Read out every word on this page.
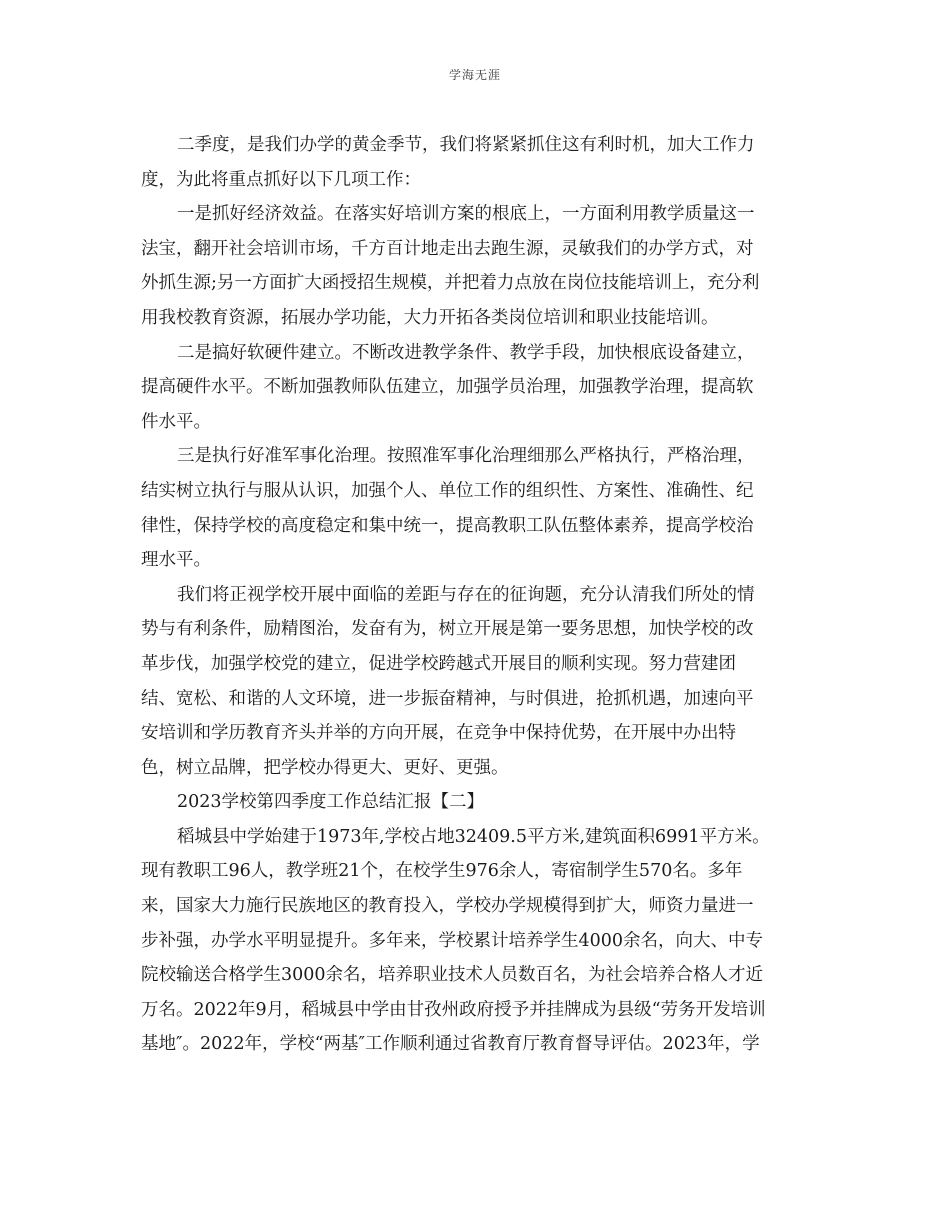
学海无涯
二季度，是我们办学的黄金季节，我们将紧紧抓住这有利时机，加大工作力
度，为此将重点抓好以下几项工作：
一是抓好经济效益。在落实好培训方案的根底上，一方面利用教学质量这一
法宝，翻开社会培训市场，千方百计地走出去跑生源，灵敏我们的办学方式，对
外抓生源;另一方面扩大函授招生规模，并把着力点放在岗位技能培训上，充分利
用我校教育资源，拓展办学功能，大力开拓各类岗位培训和职业技能培训。
二是搞好软硬件建立。不断改进教学条件、教学手段，加快根底设备建立，
提高硬件水平。不断加强教师队伍建立，加强学员治理，加强教学治理，提高软
件水平。
三是执行好准军事化治理。按照准军事化治理细那么严格执行，严格治理，
结实树立执行与服从认识，加强个人、单位工作的组织性、方案性、准确性、纪
律性，保持学校的高度稳定和集中统一，提高教职工队伍整体素养，提高学校治
理水平。
我们将正视学校开展中面临的差距与存在的征询题，充分认清我们所处的情
势与有利条件，励精图治，发奋有为，树立开展是第一要务思想，加快学校的改
革步伐，加强学校党的建立，促进学校跨越式开展目的顺利实现。努力营建团
结、宽松、和谐的人文环境，进一步振奋精神，与时俱进，抢抓机遇，加速向平
安培训和学历教育齐头并举的方向开展，在竞争中保持优势，在开展中办出特
色，树立品牌，把学校办得更大、更好、更强。
2023学校第四季度工作总结汇报【二】
稻城县中学始建于1973年,学校占地32409.5平方米,建筑面积6991平方米。
现有教职工96人，教学班21个，在校学生976余人，寄宿制学生570名。多年
来，国家大力施行民族地区的教育投入，学校办学规模得到扩大，师资力量进一
步补强，办学水平明显提升。多年来，学校累计培养学生4000余名，向大、中专
院校输送合格学生3000余名，培养职业技术人员数百名，为社会培养合格人才近
万名。2022年9月，稻城县中学由甘孜州政府授予并挂牌成为县级“劳务开发培训
基地″。2022年，学校“两基″工作顺利通过省教育厅教育督导评估。2023年，学
